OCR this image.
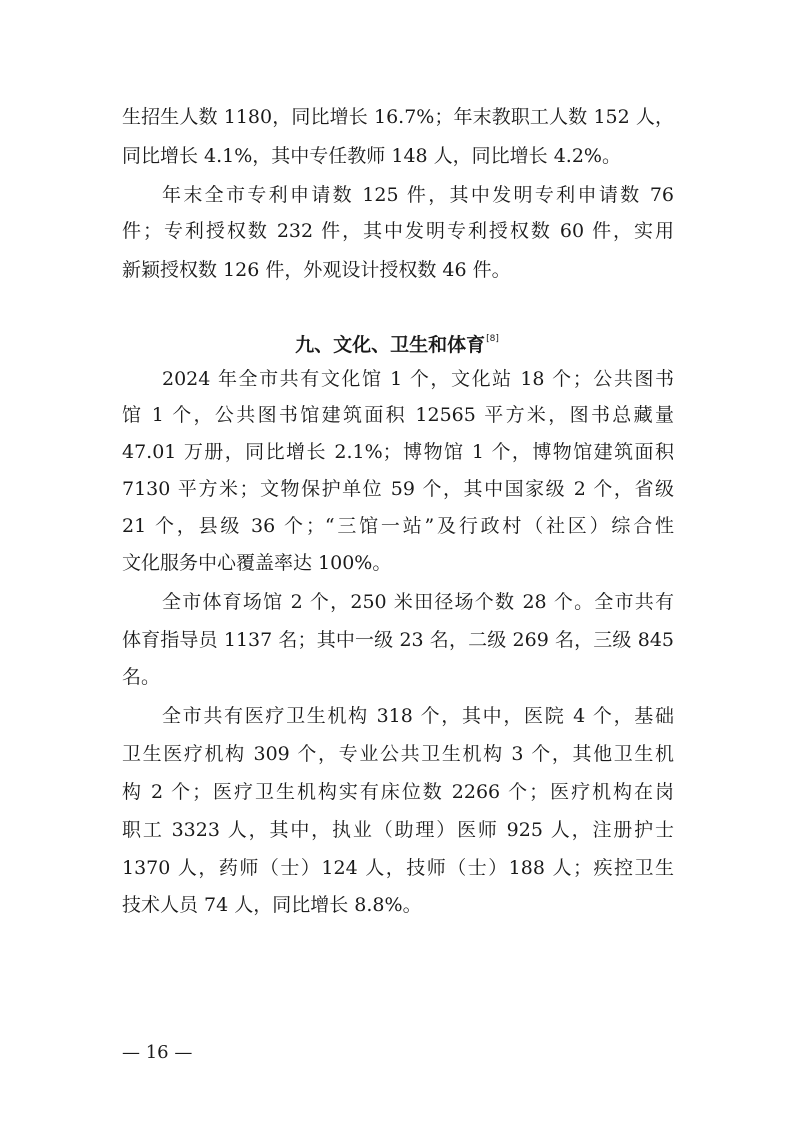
生招生人数 1180，同比增长 16.7%；年末教职工人数 152 人，
同比增长 4.1%，其中专任教师 148 人，同比增长 4.2%。
年末全市专利申请数 125 件，其中发明专利申请数 76
件；专利授权数 232 件，其中发明专利授权数 60 件，实用
新颖授权数 126 件，外观设计授权数 46 件。
九、文化、卫生和体育[8]
2024 年全市共有文化馆 1 个，文化站 18 个；公共图书
馆 1 个，公共图书馆建筑面积 12565 平方米，图书总藏量
47.01 万册，同比增长 2.1%；博物馆 1 个，博物馆建筑面积
7130 平方米；文物保护单位 59 个，其中国家级 2 个，省级
21 个，县级 36 个；“三馆一站”及行政村（社区）综合性
文化服务中心覆盖率达 100%。
全市体育场馆 2 个，250 米田径场个数 28 个。全市共有
体育指导员 1137 名；其中一级 23 名，二级 269 名，三级 845
名。
全市共有医疗卫生机构 318 个，其中，医院 4 个，基础
卫生医疗机构 309 个，专业公共卫生机构 3 个，其他卫生机
构 2 个；医疗卫生机构实有床位数 2266 个；医疗机构在岗
职工 3323 人，其中，执业（助理）医师 925 人，注册护士
1370 人，药师（士）124 人，技师（士）188 人；疾控卫生
技术人员 74 人，同比增长 8.8%。
— 16 —
